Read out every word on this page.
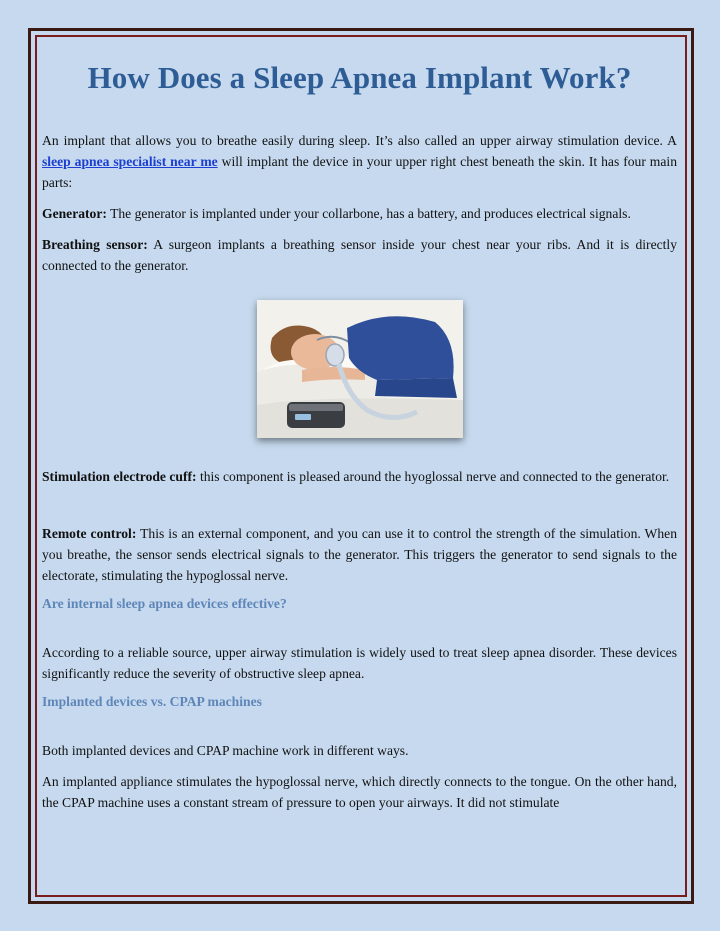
How Does a Sleep Apnea Implant Work?

An implant that allows you to breathe easily during sleep. It’s also called an upper airway stimulation device. A sleep apnea specialist near me will implant the device in your upper right chest beneath the skin. It has four main parts:

Generator: The generator is implanted under your collarbone, has a battery, and produces electrical signals.

Breathing sensor: A surgeon implants a breathing sensor inside your chest near your ribs. And it is directly connected to the generator.

Stimulation electrode cuff: this component is pleased around the hyoglossal nerve and connected to the generator.

Remote control: This is an external component, and you can use it to control the strength of the simulation. When you breathe, the sensor sends electrical signals to the generator. This triggers the generator to send signals to the electorate, stimulating the hypoglossal nerve.

Are internal sleep apnea devices effective?

According to a reliable source, upper airway stimulation is widely used to treat sleep apnea disorder. These devices significantly reduce the severity of obstructive sleep apnea.

Implanted devices vs. CPAP machines

Both implanted devices and CPAP machine work in different ways.

An implanted appliance stimulates the hypoglossal nerve, which directly connects to the tongue. On the other hand, the CPAP machine uses a constant stream of pressure to open your airways. It did not stimulate
